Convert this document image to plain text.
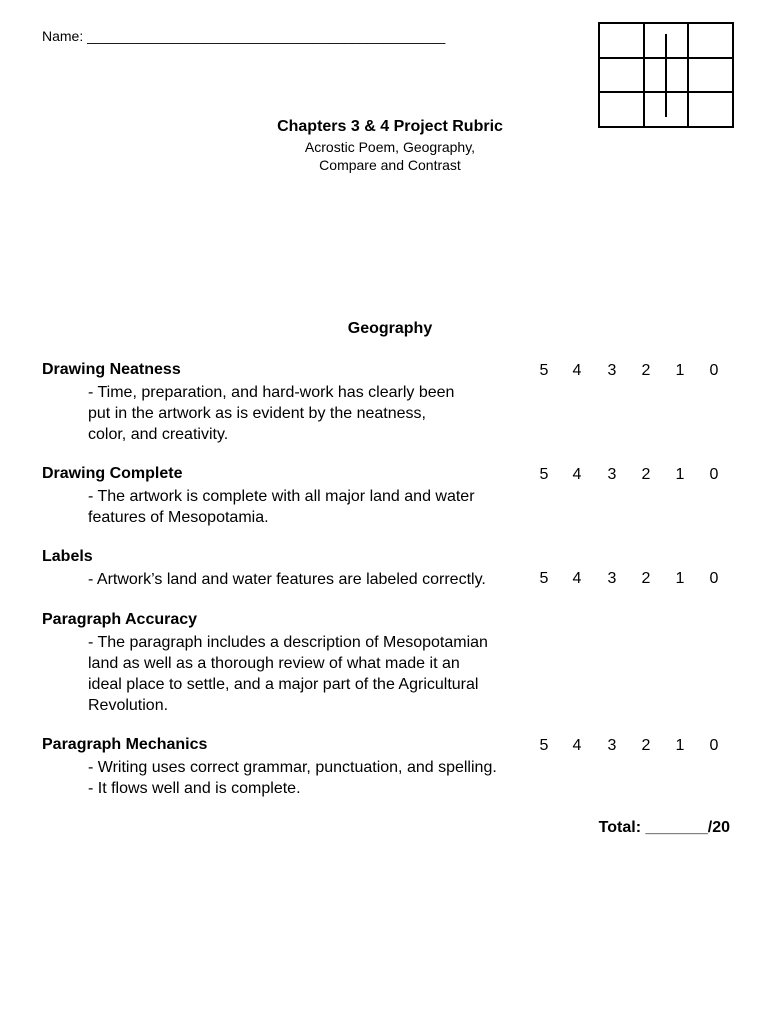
Name: ______________________________________________
Chapters 3 & 4 Project Rubric
Acrostic Poem, Geography,
Compare and Contrast
Geography
Drawing Neatness
- Time, preparation, and hard-work has clearly been
put in the artwork as is evident by the neatness,
color, and creativity.
5	4	3	2	1	0
Drawing Complete
- The artwork is complete with all major land and water
features of Mesopotamia.
5	4	3	2	1	0
Labels
- Artwork’s land and water features are labeled correctly.	5	4	3	2	1	0
Paragraph Accuracy
- The paragraph includes a description of Mesopotamian
land as well as a thorough review of what made it an
ideal place to settle, and a major part of the Agricultural
Revolution.
Paragraph Mechanics
- Writing uses correct grammar, punctuation, and spelling.
- It flows well and is complete.
5	4	3	2	1	0
Total: _______/20
